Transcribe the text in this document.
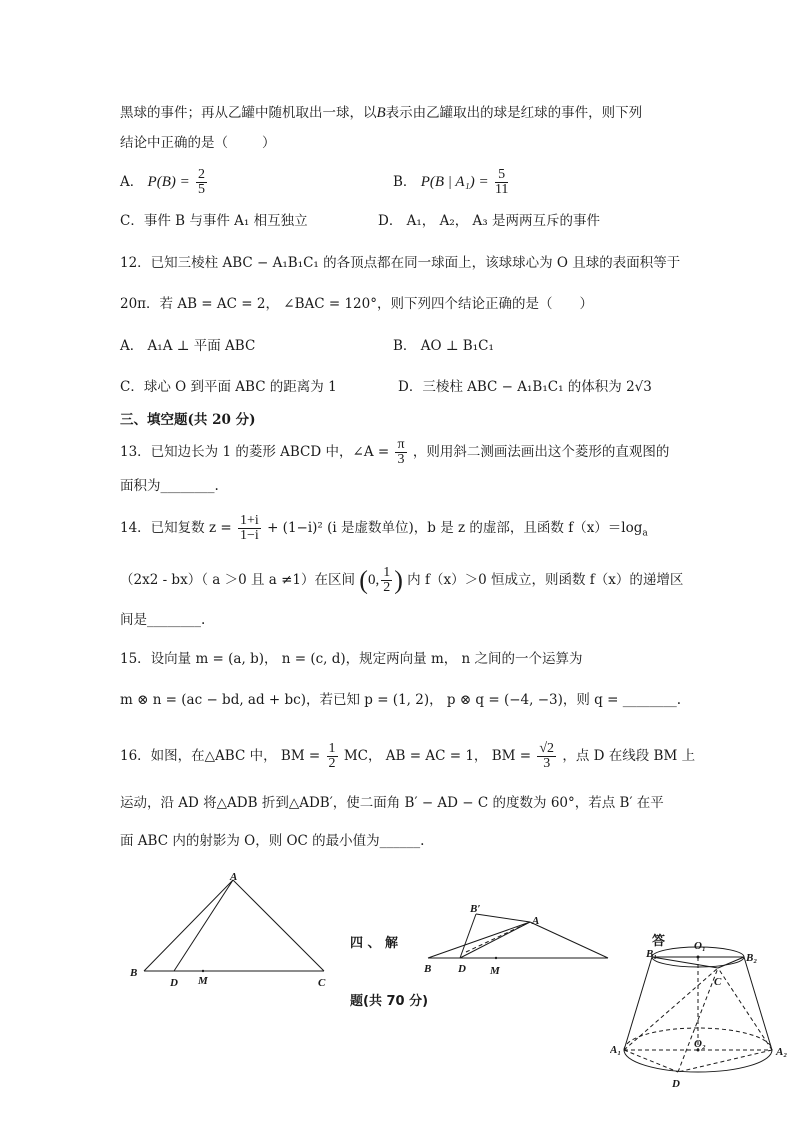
黑球的事件；再从乙罐中随机取出一球，以B表示由乙罐取出的球是红球的事件，则下列
结论中正确的是（	）
A． $P(B) = \frac{2}{5}$	B． P(B | $A_1) = \frac{5}{11}$
C．事件 B 与事件 A₁ 相互独立	D． A₁， A₂， A₃ 是两两互斥的事件
12．已知三棱柱 ABC − A₁B₁C₁ 的各顶点都在同一球面上，该球球心为 O 且球的表面积等于
20π．若 AB = AC = 2， ∠BAC = 120°，则下列四个结论正确的是（　　）
A． A₁A ⊥ 平面 ABC	B． AO ⊥ B₁C₁
C．球心 O 到平面 ABC 的距离为 1	D．三棱柱 ABC − A₁B₁C₁ 的体积为 2√3
三、填空题(共 20 分)
13．已知边长为 1 的菱形 ABCD 中，∠A = $\frac{\pi}{3}$ ，则用斜二测画法画出这个菱形的直观图的
面积为________.
14．已知复数 $z = \frac{1+i}{1-i} + (1-i)^2$ (i 是虚数单位)，b 是 z 的虚部，且函数 $f(x)=\log_a$
（2x2 - bx）（ a ＞0 且 a ≠1）在区间 (0, $\frac{1}{2}$ ) 内 f（x）＞0 恒成立，则函数 f（x）的递增区
间是________.
15．设向量 m = (a, b)， n = (c, d)，规定两向量 m， n 之间的一个运算为
m ⊗ n = (ac − bd, ad + bc)，若已知 p = (1, 2)， p ⊗ q = (−4, −3)，则 q = ________.
16．如图，在△ABC 中， BM = $\frac{1}{2}$ MC， AB = AC = 1， BM = $\frac{√2}{3}$ ，点 D 在线段 BM 上
运动，沿 AD 将△ADB 折到△ADB′，使二面角 B′ − AD − C 的度数为 60°，若点 B′ 在平
面 ABC 内的射影为 O，则 OC 的最小值为______.
A
B
C
D M
四 、 解	答
题(共 70 分)
B′
A
B D M
B₁	B₂
O₁
C
O₂
A₁	A₂
D
